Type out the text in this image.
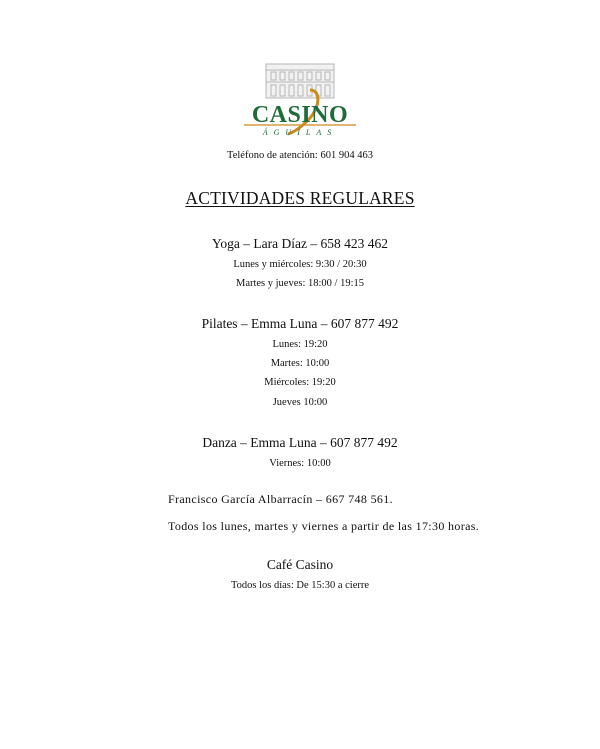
CASINO
ÁGUILAS
Teléfono de atención: 601 904 463
ACTIVIDADES REGULARES
Yoga – Lara Díaz – 658 423 462
Lunes y miércoles: 9:30 / 20:30
Martes y jueves: 18:00 / 19:15
Pilates – Emma Luna – 607 877 492
Lunes: 19:20
Martes: 10:00
Miércoles: 19:20
Jueves 10:00
Danza – Emma Luna – 607 877 492
Viernes: 10:00
Francisco García Albarracín – 667 748 561.
Todos los lunes, martes y viernes a partir de las 17:30 horas.
Café Casino
Todos los días: De 15:30 a cierre
